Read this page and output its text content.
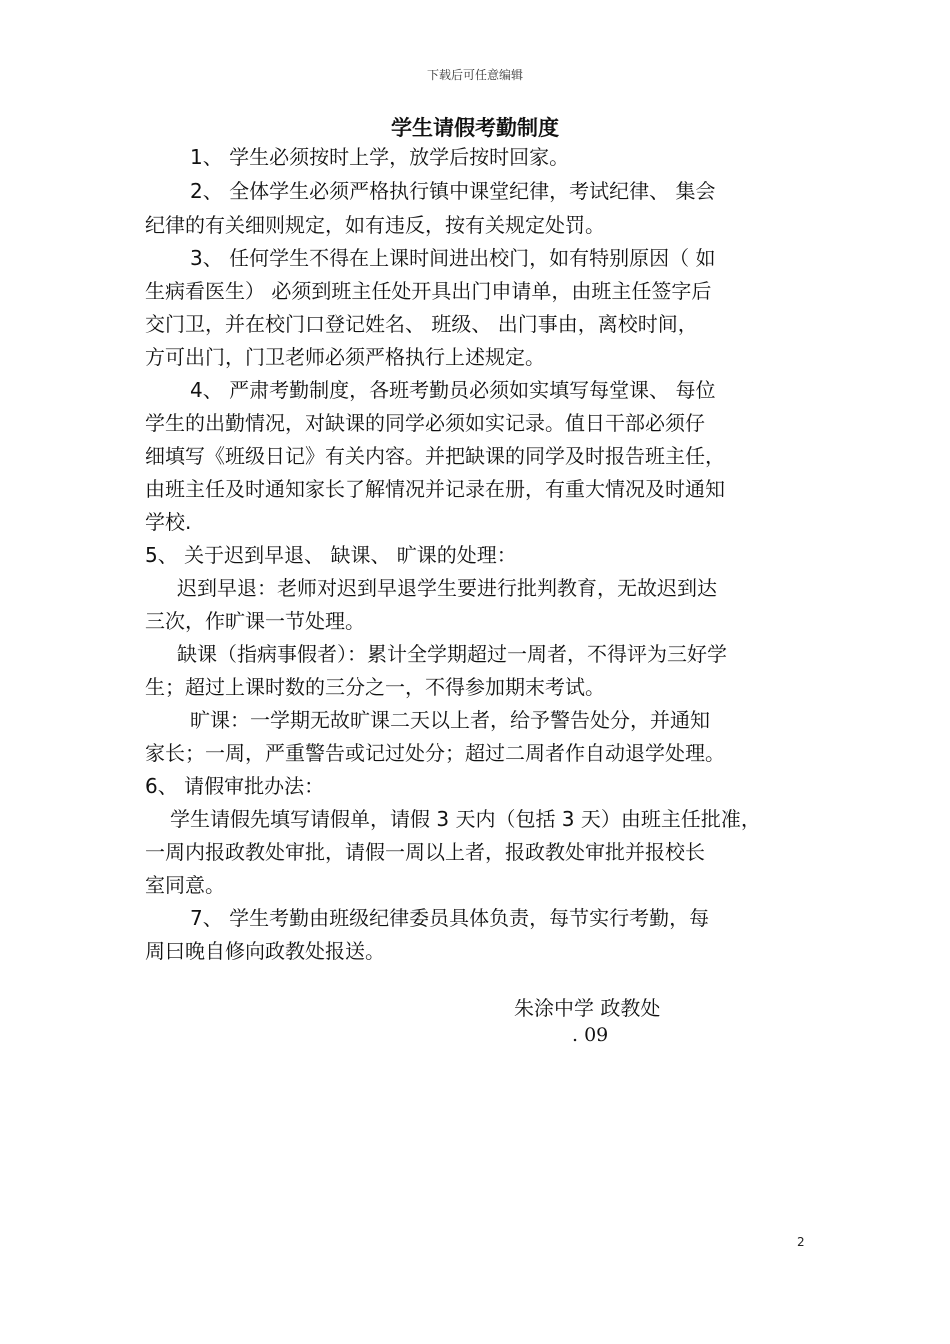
下载后可任意编辑
学生请假考勤制度
1、 学生必须按时上学，放学后按时回家。
2、 全体学生必须严格执行镇中课堂纪律，考试纪律、 集会
纪律的有关细则规定，如有违反，按有关规定处罚。
3、 任何学生不得在上课时间进出校门，如有特别原因（ 如
生病看医生） 必须到班主任处开具出门申请单，由班主任签字后
交门卫，并在校门口登记姓名、 班级、 出门事由，离校时间，
方可出门，门卫老师必须严格执行上述规定。
4、 严肃考勤制度，各班考勤员必须如实填写每堂课、 每位
学生的出勤情况，对缺课的同学必须如实记录。值日干部必须仔
细填写《班级日记》有关内容。并把缺课的同学及时报告班主任，
由班主任及时通知家长了解情况并记录在册，有重大情况及时通知
学校.
5、 关于迟到早退、 缺课、 旷课的处理：
迟到早退：老师对迟到早退学生要进行批判教育，无故迟到达
三次，作旷课一节处理。
缺课（指病事假者）：累计全学期超过一周者，不得评为三好学
生；超过上课时数的三分之一，不得参加期末考试。
旷课：一学期无故旷课二天以上者，给予警告处分，并通知
家长；一周，严重警告或记过处分；超过二周者作自动退学处理。
6、 请假审批办法：
学生请假先填写请假单，请假 3 天内（包括 3 天）由班主任批准，
一周内报政教处审批，请假一周以上者，报政教处审批并报校长
室同意。
7、 学生考勤由班级纪律委员具体负责，每节实行考勤，每
周曰晚自修向政教处报送。
朱涂中学 政教处
. 09
2
